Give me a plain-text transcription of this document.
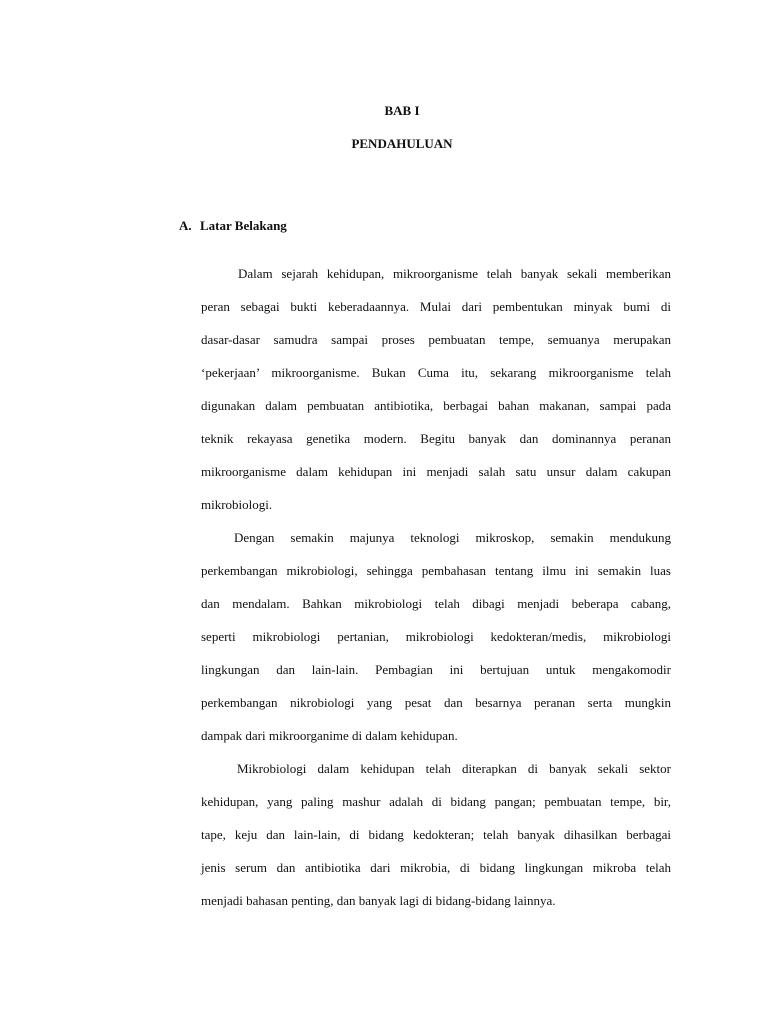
BAB I
PENDAHULUAN
A. Latar Belakang
Dalam sejarah kehidupan, mikroorganisme telah banyak sekali memberikan
peran sebagai bukti keberadaannya. Mulai dari pembentukan minyak bumi di
dasar-dasar samudra sampai proses pembuatan tempe, semuanya merupakan
‘pekerjaan’ mikroorganisme. Bukan Cuma itu, sekarang mikroorganisme telah
digunakan dalam pembuatan antibiotika, berbagai bahan makanan, sampai pada
teknik rekayasa genetika modern. Begitu banyak dan dominannya peranan
mikroorganisme dalam kehidupan ini menjadi salah satu unsur dalam cakupan
mikrobiologi.
Dengan semakin majunya teknologi mikroskop, semakin mendukung
perkembangan mikrobiologi, sehingga pembahasan tentang ilmu ini semakin luas
dan mendalam. Bahkan mikrobiologi telah dibagi menjadi beberapa cabang,
seperti mikrobiologi pertanian, mikrobiologi kedokteran/medis, mikrobiologi
lingkungan dan lain-lain. Pembagian ini bertujuan untuk mengakomodir
perkembangan nikrobiologi yang pesat dan besarnya peranan serta mungkin
dampak dari mikroorganime di dalam kehidupan.
Mikrobiologi dalam kehidupan telah diterapkan di banyak sekali sektor
kehidupan, yang paling mashur adalah di bidang pangan; pembuatan tempe, bir,
tape, keju dan lain-lain, di bidang kedokteran; telah banyak dihasilkan berbagai
jenis serum dan antibiotika dari mikrobia, di bidang lingkungan mikroba telah
menjadi bahasan penting, dan banyak lagi di bidang-bidang lainnya.
